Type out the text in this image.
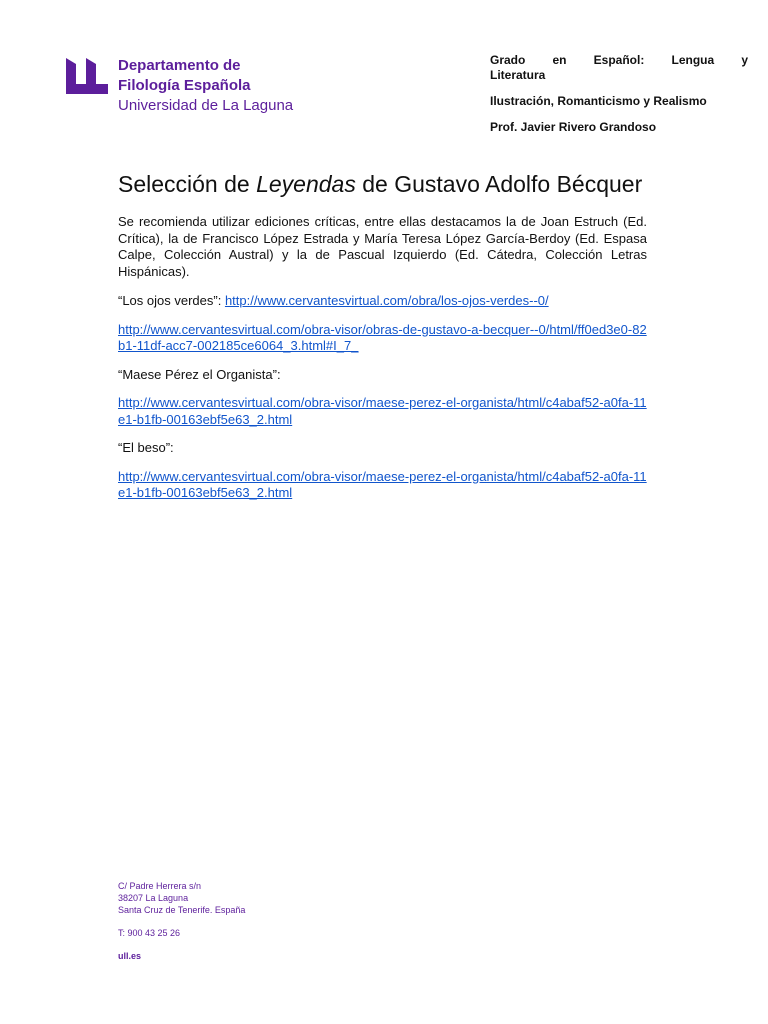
Departamento de
Filología Española
Universidad de La Laguna
Grado en Español: Lengua y
Literatura
Ilustración, Romanticismo y Realismo
Prof. Javier Rivero Grandoso
Selección de Leyendas de Gustavo Adolfo Bécquer

Se recomienda utilizar ediciones críticas, entre ellas destacamos la de Joan Estruch (Ed. Crítica), la de Francisco López Estrada y María Teresa López García-Berdoy (Ed. Espasa Calpe, Colección Austral) y la de Pascual Izquierdo (Ed. Cátedra, Colección Letras Hispánicas).

“Los ojos verdes”: http://www.cervantesvirtual.com/obra/los-ojos-verdes--0/

http://www.cervantesvirtual.com/obra-visor/obras-de-gustavo-a-becquer--0/html/ff0ed3e0-82b1-11df-acc7-002185ce6064_3.html#I_7_

“Maese Pérez el Organista”:

http://www.cervantesvirtual.com/obra-visor/maese-perez-el-organista/html/c4abaf52-a0fa-11e1-b1fb-00163ebf5e63_2.html

“El beso”:

http://www.cervantesvirtual.com/obra-visor/maese-perez-el-organista/html/c4abaf52-a0fa-11e1-b1fb-00163ebf5e63_2.html

C/ Padre Herrera s/n
38207 La Laguna
Santa Cruz de Tenerife. España
T: 900 43 25 26
ull.es
